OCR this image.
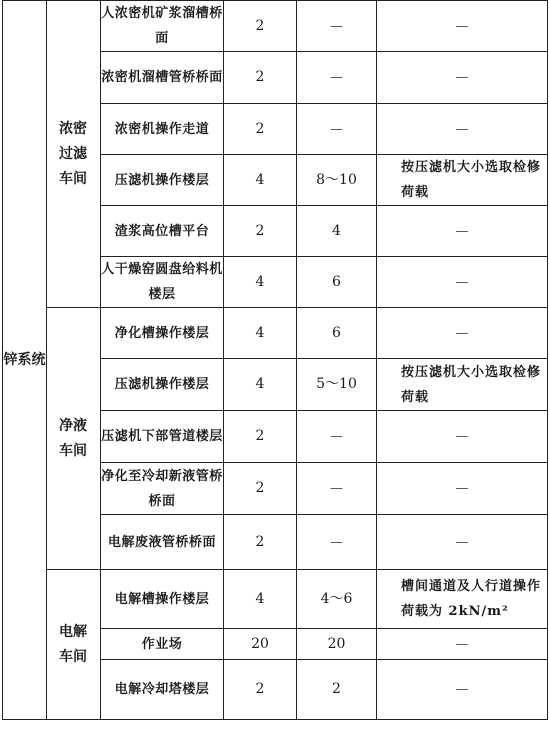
锌系统	浓密过滤车间	人浓密机矿浆溜槽桥面	2	—	—
		浓密机溜槽管桥桥面	2	—	—
		浓密机操作走道	2	—	—
		压滤机操作楼层	4	8～10	按压滤机大小选取检修荷载
		渣浆高位槽平台	2	4	—
		人干燥窑圆盘给料机楼层	4	6	—
	净液车间	净化槽操作楼层	4	6	—
		压滤机操作楼层	4	5～10	按压滤机大小选取检修荷载
		压滤机下部管道楼层	2	—	—
		净化至冷却新液管桥桥面	2	—	—
		电解废液管桥桥面	2	—	—
	电解车间	电解槽操作楼层	4	4～6	槽间通道及人行道操作荷载为 2kN/m²
		作业场	20	20	—
		电解冷却塔楼层	2	2	—
